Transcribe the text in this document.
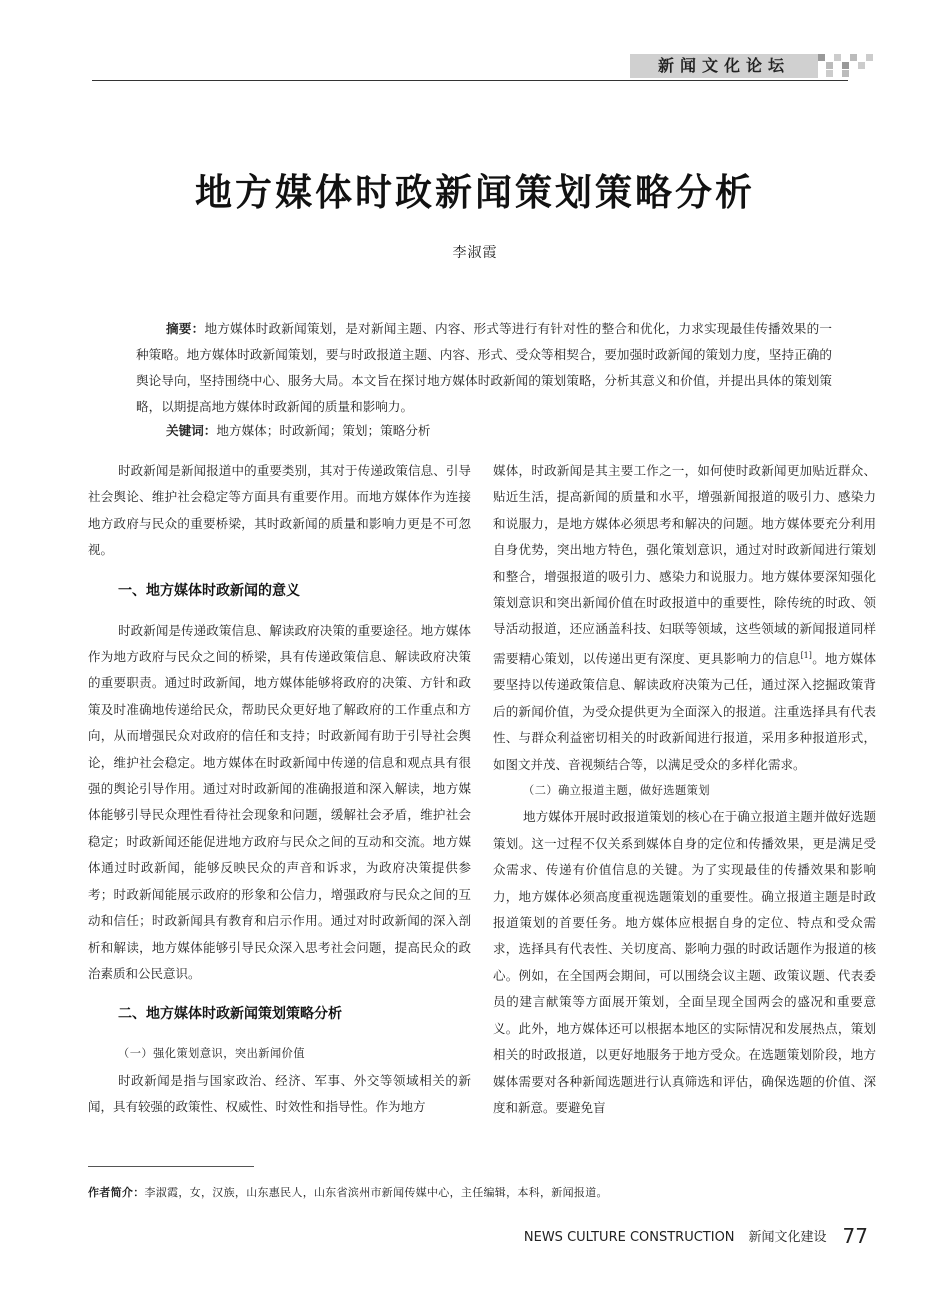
新闻文化论坛
地方媒体时政新闻策划策略分析
李淑霞

摘要：地方媒体时政新闻策划，是对新闻主题、内容、形式等进行有针对性的整合和优化，力求实现最佳传播效果的一种策略。地方媒体时政新闻策划，要与时政报道主题、内容、形式、受众等相契合，要加强时政新闻的策划力度，坚持正确的舆论导向，坚持围绕中心、服务大局。本文旨在探讨地方媒体时政新闻的策划策略，分析其意义和价值，并提出具体的策划策略，以期提高地方媒体时政新闻的质量和影响力。

关键词：地方媒体；时政新闻；策划；策略分析

时政新闻是新闻报道中的重要类别，其对于传递政策信息、引导社会舆论、维护社会稳定等方面具有重要作用。而地方媒体作为连接地方政府与民众的重要桥梁，其时政新闻的质量和影响力更是不可忽视。

一、地方媒体时政新闻的意义

时政新闻是传递政策信息、解读政府决策的重要途径。地方媒体作为地方政府与民众之间的桥梁，具有传递政策信息、解读政府决策的重要职责。通过时政新闻，地方媒体能够将政府的决策、方针和政策及时准确地传递给民众，帮助民众更好地了解政府的工作重点和方向，从而增强民众对政府的信任和支持；时政新闻有助于引导社会舆论，维护社会稳定。地方媒体在时政新闻中传递的信息和观点具有很强的舆论引导作用。通过对时政新闻的准确报道和深入解读，地方媒体能够引导民众理性看待社会现象和问题，缓解社会矛盾，维护社会稳定；时政新闻还能促进地方政府与民众之间的互动和交流。地方媒体通过时政新闻，能够反映民众的声音和诉求，为政府决策提供参考；时政新闻能展示政府的形象和公信力，增强政府与民众之间的互动和信任；时政新闻具有教育和启示作用。通过对时政新闻的深入剖析和解读，地方媒体能够引导民众深入思考社会问题，提高民众的政治素质和公民意识。

二、地方媒体时政新闻策划策略分析
（一）强化策划意识，突出新闻价值

时政新闻是指与国家政治、经济、军事、外交等领域相关的新闻，具有较强的政策性、权威性、时效性和指导性。作为地方

媒体，时政新闻是其主要工作之一，如何使时政新闻更加贴近群众、贴近生活，提高新闻的质量和水平，增强新闻报道的吸引力、感染力和说服力，是地方媒体必须思考和解决的问题。地方媒体要充分利用自身优势，突出地方特色，强化策划意识，通过对时政新闻进行策划和整合，增强报道的吸引力、感染力和说服力。地方媒体要深知强化策划意识和突出新闻价值在时政报道中的重要性，除传统的时政、领导活动报道，还应涵盖科技、妇联等领域，这些领域的新闻报道同样需要精心策划，以传递出更有深度、更具影响力的信息[1]。地方媒体要坚持以传递政策信息、解读政府决策为己任，通过深入挖掘政策背后的新闻价值，为受众提供更为全面深入的报道。注重选择具有代表性、与群众利益密切相关的时政新闻进行报道，采用多种报道形式，如图文并茂、音视频结合等，以满足受众的多样化需求。

（二）确立报道主题，做好选题策划

地方媒体开展时政报道策划的核心在于确立报道主题并做好选题策划。这一过程不仅关系到媒体自身的定位和传播效果，更是满足受众需求、传递有价值信息的关键。为了实现最佳的传播效果和影响力，地方媒体必须高度重视选题策划的重要性。确立报道主题是时政报道策划的首要任务。地方媒体应根据自身的定位、特点和受众需求，选择具有代表性、关切度高、影响力强的时政话题作为报道的核心。例如，在全国两会期间，可以围绕会议主题、政策议题、代表委员的建言献策等方面展开策划，全面呈现全国两会的盛况和重要意义。此外，地方媒体还可以根据本地区的实际情况和发展热点，策划相关的时政报道，以更好地服务于地方受众。在选题策划阶段，地方媒体需要对各种新闻选题进行认真筛选和评估，确保选题的价值、深度和新意。要避免盲

作者简介：李淑霞，女，汉族，山东惠民人，山东省滨州市新闻传媒中心，主任编辑，本科，新闻报道。
NEWS CULTURE CONSTRUCTION 新闻文化建设 77
